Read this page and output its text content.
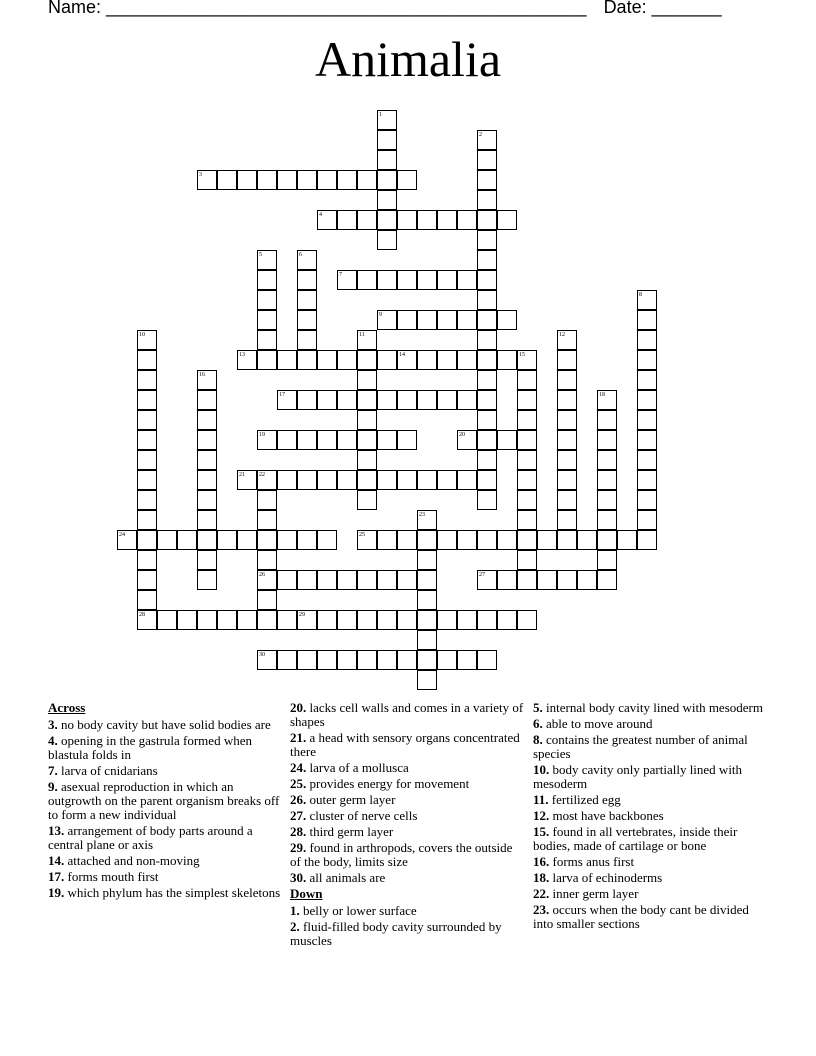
Name: ________________________________________________ Date: _______
Animalia
1
2
3
4
5	6
7
8
9
10	11	12
13	14	15
16
17	18
19	20
21 22
23
24	25
26	27
28	29
30
Across
3. no body cavity but have solid bodies are
4. opening in the gastrula formed when blastula folds in
7. larva of cnidarians
9. asexual reproduction in which an outgrowth on the parent organism breaks off to form a new individual
13. arrangement of body parts around a central plane or axis
14. attached and non-moving
17. forms mouth first
19. which phylum has the simplest skeletons
20. lacks cell walls and comes in a variety of shapes
21. a head with sensory organs concentrated there
24. larva of a mollusca
25. provides energy for movement
26. outer germ layer
27. cluster of nerve cells
28. third germ layer
29. found in arthropods, covers the outside of the body, limits size
30. all animals are
Down
1. belly or lower surface
2. fluid-filled body cavity surrounded by muscles
5. internal body cavity lined with mesoderm
6. able to move around
8. contains the greatest number of animal species
10. body cavity only partially lined with mesoderm
11. fertilized egg
12. most have backbones
15. found in all vertebrates, inside their bodies, made of cartilage or bone
16. forms anus first
18. larva of echinoderms
22. inner germ layer
23. occurs when the body cant be divided into smaller sections
